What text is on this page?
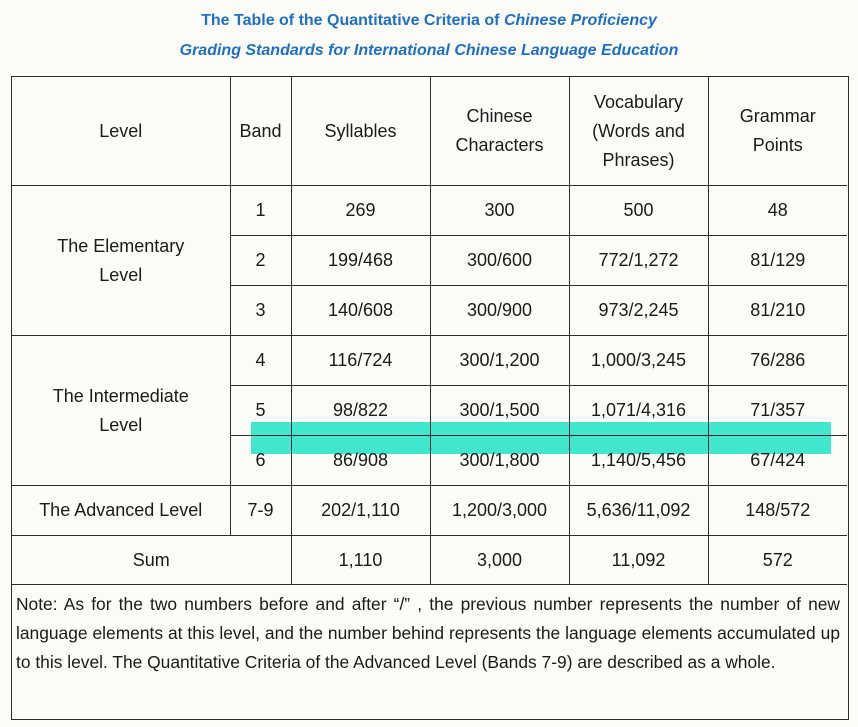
The Table of the Quantitative Criteria of Chinese Proficiency
Grading Standards for International Chinese Language Education
Level	Band	Syllables	Chinese Characters	Vocabulary (Words and Phrases)	Grammar Points
The Elementary Level	1	269	300	500	48
	2	199/468	300/600	772/1,272	81/129
	3	140/608	300/900	973/2,245	81/210
The Intermediate Level	4	116/724	300/1,200	1,000/3,245	76/286
	5	98/822	300/1,500	1,071/4,316	71/357
	6	86/908	300/1,800	1,140/5,456	67/424
The Advanced Level	7-9	202/1,110	1,200/3,000	5,636/11,092	148/572
Sum		1,110	3,000	11,092	572
Note: As for the two numbers before and after “/” , the previous number represents the number of new language elements at this level, and the number behind represents the language elements accumulated up to this level. The Quantitative Criteria of the Advanced Level (Bands 7-9) are described as a whole.
